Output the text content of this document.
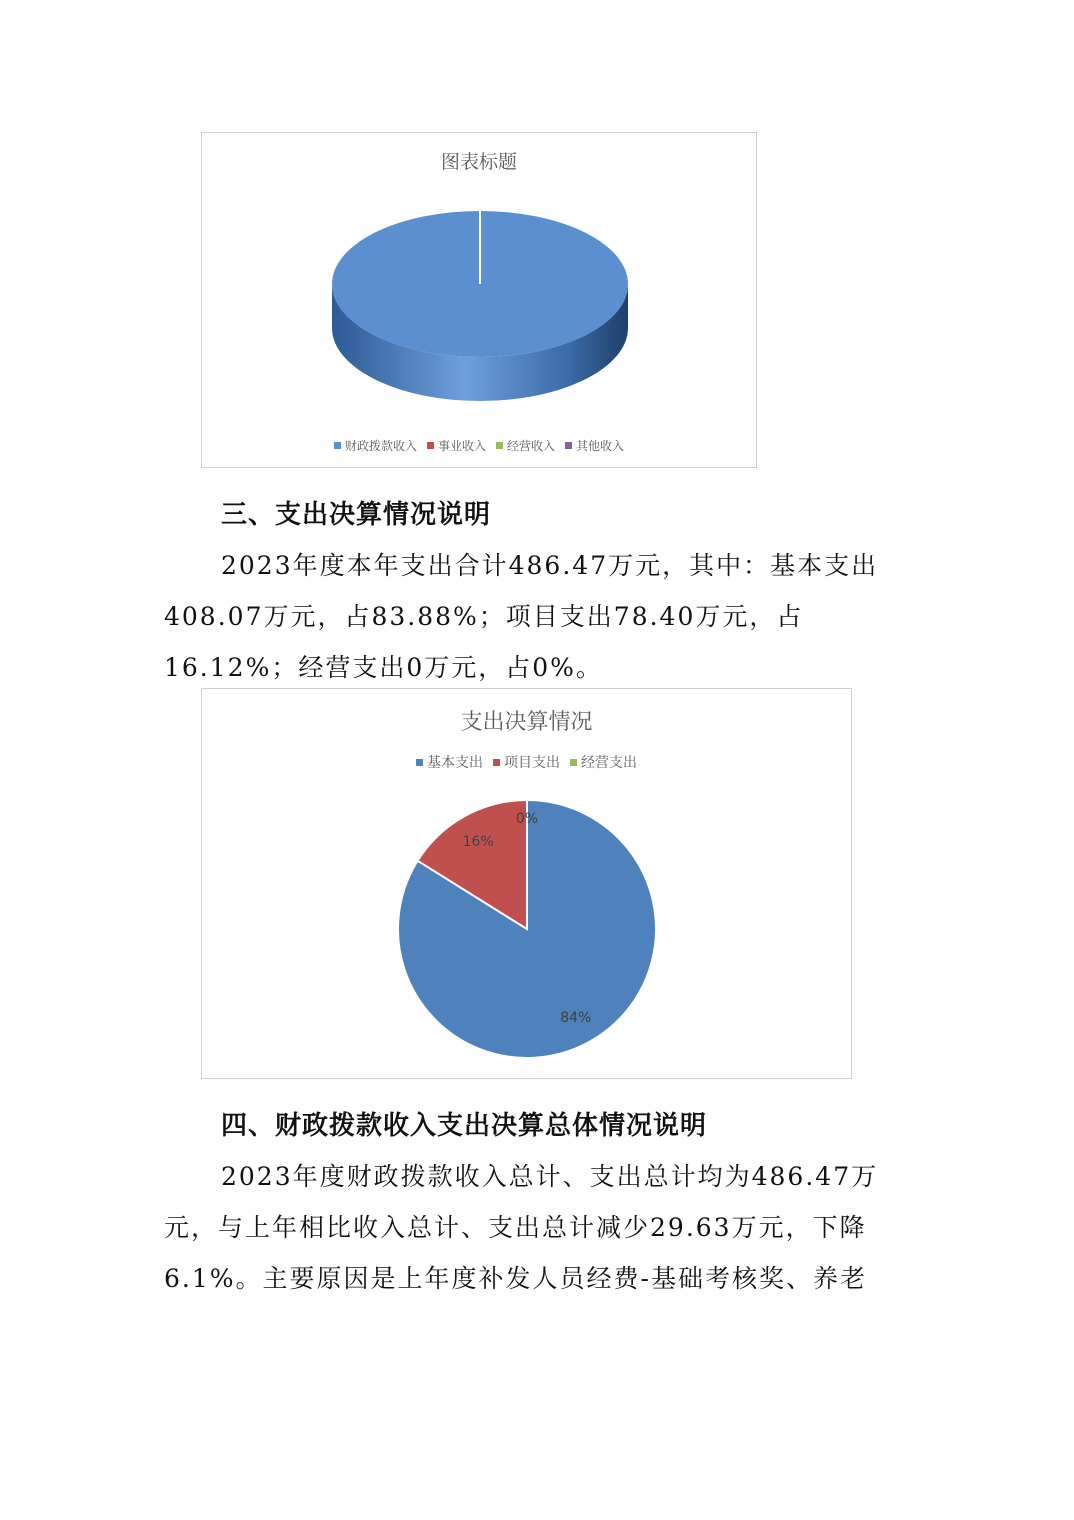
图表标题
财政拨款收入 事业收入 经营收入 其他收入
三、支出决算情况说明

2023年度本年支出合计486.47万元，其中：基本支出408.07万元，占83.88%；项目支出78.40万元，占16.12%；经营支出0万元，占0%。

84%
16%
0%
支出决算情况
基本支出 项目支出 经营支出
四、财政拨款收入支出决算总体情况说明

2023年度财政拨款收入总计、支出总计均为486.47万元，与上年相比收入总计、支出总计减少29.63万元，下降6.1%。主要原因是上年度补发人员经费-基础考核奖、养老
